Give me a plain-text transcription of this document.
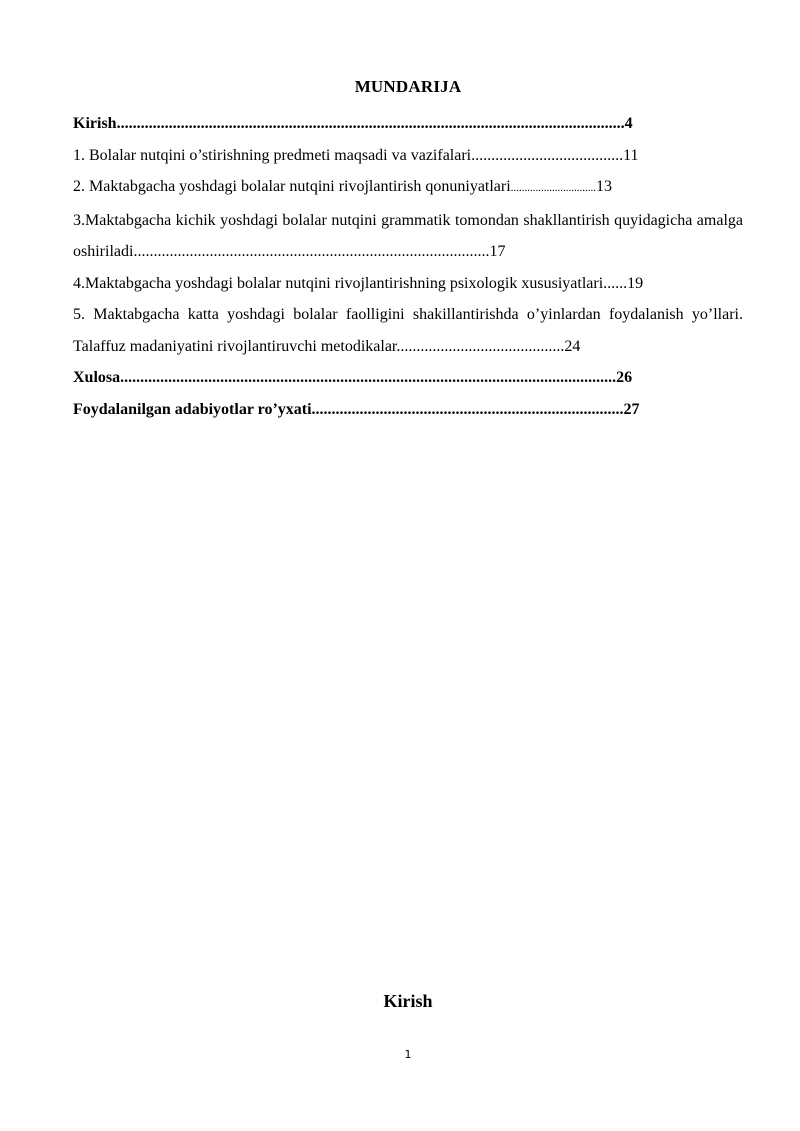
MUNDARIJA

Kirish...............................................................................................................................4

1. Bolalar nutqini o’stirishning predmeti maqsadi va vazifalari......................................11

2. Maktabgacha yoshdagi bolalar nutqini rivojlantirish qonuniyatlari...............................13

3.Maktabgacha kichik yoshdagi bolalar nutqini grammatik tomondan shakllantirish quyidagicha amalga oshiriladi.........................................................................................17

4.Maktabgacha yoshdagi bolalar nutqini rivojlantirishning psixologik xususiyatlari......19

5. Maktabgacha katta yoshdagi bolalar faolligini shakillantirishda o’yinlardan foydalanish yo’llari. Talaffuz madaniyatini rivojlantiruvchi metodikalar..........................................24

Xulosa............................................................................................................................26

Foydalanilgan adabiyotlar ro’yxati..............................................................................27

Kirish
1
